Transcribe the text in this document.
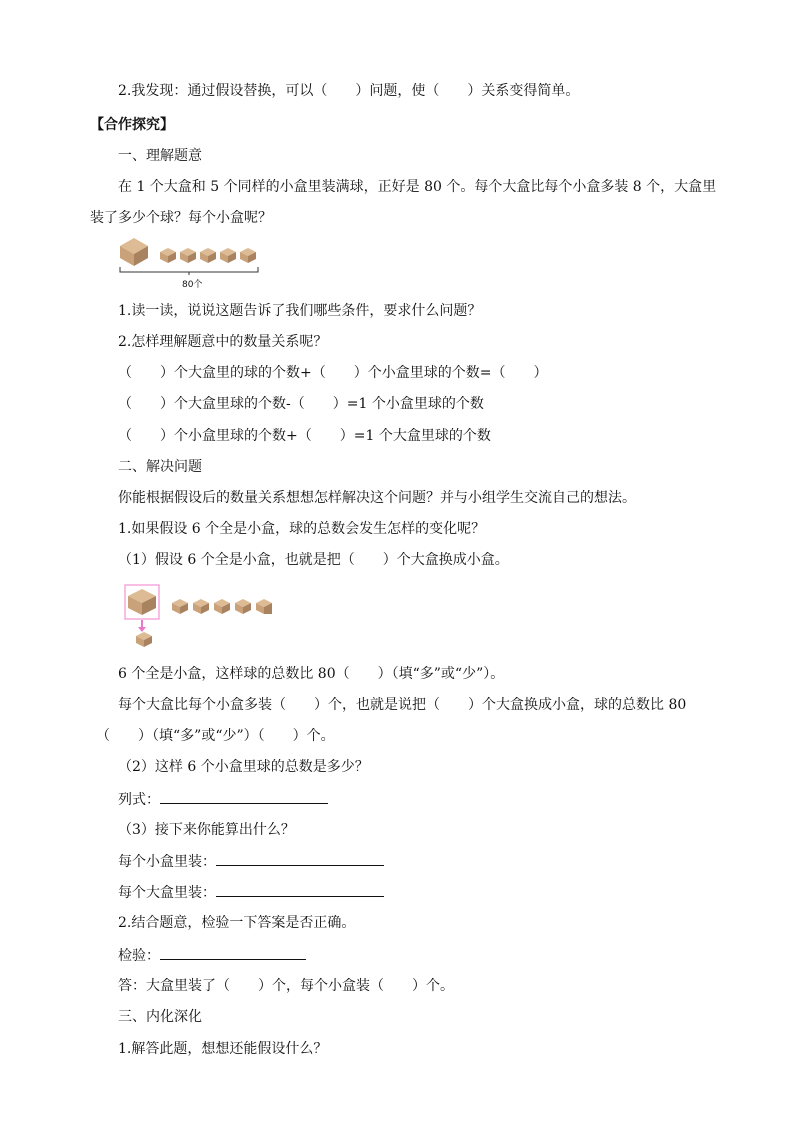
2.我发现：通过假设替换，可以（　　）问题，使（　　）关系变得简单。
【合作探究】
一、理解题意
在 1 个大盒和 5 个同样的小盒里装满球，正好是 80 个。每个大盒比每个小盒多装 8 个，大盒里
装了多少个球？每个小盒呢？
80个
1.读一读，说说这题告诉了我们哪些条件，要求什么问题？
2.怎样理解题意中的数量关系呢？
（　　）个大盒里的球的个数+（　　）个小盒里球的个数=（　　）
（　　）个大盒里球的个数-（　　）=1 个小盒里球的个数
（　　）个小盒里球的个数+（　　）=1 个大盒里球的个数
二、解决问题
你能根据假设后的数量关系想想怎样解决这个问题？并与小组学生交流自己的想法。
1.如果假设 6 个全是小盒，球的总数会发生怎样的变化呢？
（1）假设 6 个全是小盒，也就是把（　　）个大盒换成小盒。
6 个全是小盒，这样球的总数比 80（　　）（填“多”或“少”）。
每个大盒比每个小盒多装（　　）个，也就是说把（　　）个大盒换成小盒，球的总数比 80
（　　）（填“多”或“少”）（　　）个。
（2）这样 6 个小盒里球的总数是多少？
列式：
（3）接下来你能算出什么？
每个小盒里装：
每个大盒里装：
2.结合题意，检验一下答案是否正确。
检验：
答：大盒里装了（　　）个，每个小盒装（　　）个。
三、内化深化
1.解答此题，想想还能假设什么？
